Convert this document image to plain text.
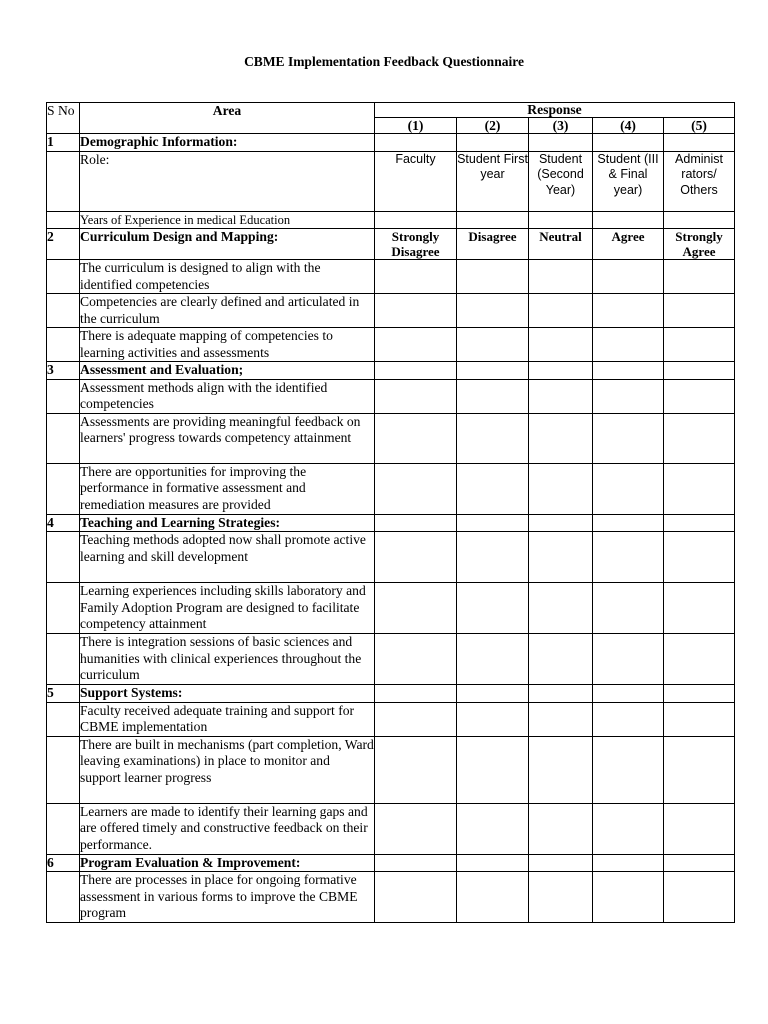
CBME Implementation Feedback Questionnaire
S No	Area	Response				
		(1)	(2)	(3)	(4)	(5)
1	Demographic Information:					
	Role:	Faculty	Student First year	Student (Second Year)	Student (III & Final year)	Administ rators/ Others
	Years of Experience in medical Education					
2	Curriculum Design and Mapping:	Strongly Disagree	Disagree	Neutral	Agree	Strongly Agree
	The curriculum is designed to align with the identified competencies					
	Competencies are clearly defined and articulated in the curriculum					
	There is adequate mapping of competencies to learning activities and assessments					
3	Assessment and Evaluation;					
	Assessment methods align with the identified competencies					
	Assessments are providing meaningful feedback on learners' progress towards competency attainment					
	There are opportunities for improving the performance in formative assessment and remediation measures are provided					
4	Teaching and Learning Strategies:					
	Teaching methods adopted now shall promote active learning and skill development					
	Learning experiences including skills laboratory and Family Adoption Program are designed to facilitate competency attainment					
	There is integration sessions of basic sciences and humanities with clinical experiences throughout the curriculum					
5	Support Systems:					
	Faculty received adequate training and support for CBME implementation					
	There are built in mechanisms (part completion, Ward leaving examinations) in place to monitor and support learner progress					
	Learners are made to identify their learning gaps and are offered timely and constructive feedback on their performance.					
6	Program Evaluation & Improvement:					
	There are processes in place for ongoing formative assessment in various forms to improve the CBME program					
